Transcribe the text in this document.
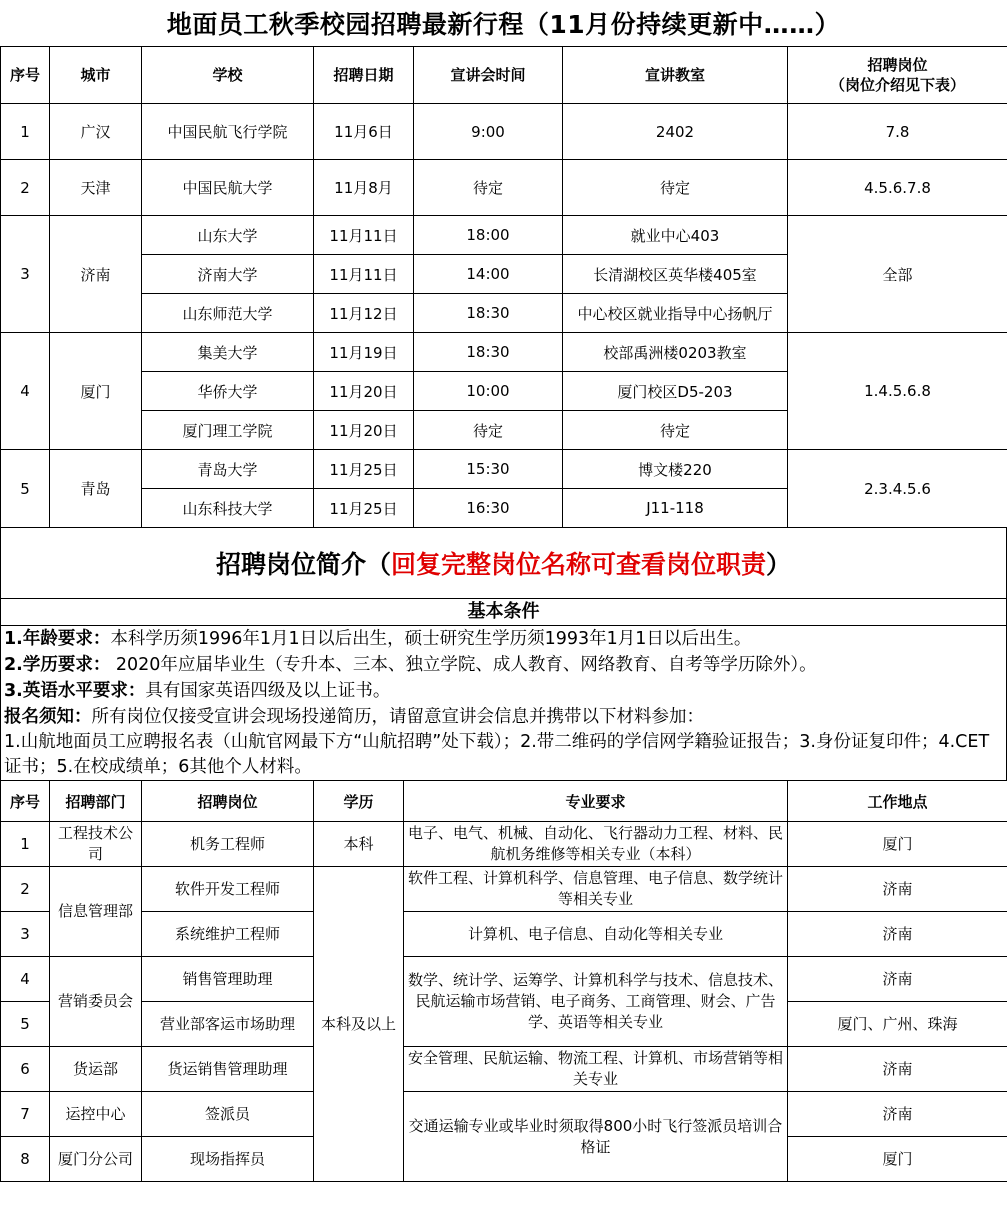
地面员工秋季校园招聘最新行程（11月份持续更新中……）
序号	城市	学校	招聘日期	宣讲会时间	宣讲教室	招聘岗位
（岗位介绍见下表）

1	广汉	中国民航飞行学院	11月6日	9:00	2402	7.8
2	天津	中国民航大学	11月8月	待定	待定	4.5.6.7.8
3	济南	山东大学	11月11日	18:00	就业中心403	全部
		济南大学	11月11日	14:00	长清湖校区英华楼405室	
		山东师范大学	11月12日	18:30	中心校区就业指导中心扬帆厅	
4	厦门	集美大学	11月19日	18:30	校部禹洲楼0203教室	1.4.5.6.8
		华侨大学	11月20日	10:00	厦门校区D5-203	
		厦门理工学院	11月20日	待定	待定	
5	青岛	青岛大学	11月25日	15:30	博文楼220	2.3.4.5.6
		山东科技大学	11月25日	16:30	J11-118	
招聘岗位简介（ 回复完整岗位名称可查看岗位职责 ）
基本条件
1.年龄要求：本科学历须1996年1月1日以后出生，硕士研究生学历须1993年1月1日以后出生。
2.学历要求： 2020年应届毕业生（专升本、三本、独立学院、成人教育、网络教育、自考等学历除外）。
3.英语水平要求：具有国家英语四级及以上证书。
报名须知：所有岗位仅接受宣讲会现场投递简历，请留意宣讲会信息并携带以下材料参加：
1.山航地面员工应聘报名表（山航官网最下方“山航招聘”处下载）；2.带二维码的学信网学籍验证报告；3.身份证复印件；4.CET证书；5.在校成绩单；6其他个人材料。
序号	招聘部门	招聘岗位	学历	专业要求	工作地点
1	工程技术公司	机务工程师	本科	电子、电气、机械、自动化、飞行器动力工程、材料、民航机务维修等相关专业（本科）	厦门
2	信息管理部	软件开发工程师	本科及以上	软件工程、计算机科学、信息管理、电子信息、数学统计等相关专业	济南
3		系统维护工程师		计算机、电子信息、自动化等相关专业	济南
4	营销委员会	销售管理助理		数学、统计学、运筹学、计算机科学与技术、信息技术、民航运输市场营销、电子商务、工商管理、财会、广告学、英语等相关专业	济南
5		营业部客运市场助理			厦门、广州、珠海
6	货运部	货运销售管理助理		安全管理、民航运输、物流工程、计算机、市场营销等相关专业	济南
7	运控中心	签派员		交通运输专业或毕业时须取得800小时飞行签派员培训合格证	济南
8	厦门分公司	现场指挥员			厦门
